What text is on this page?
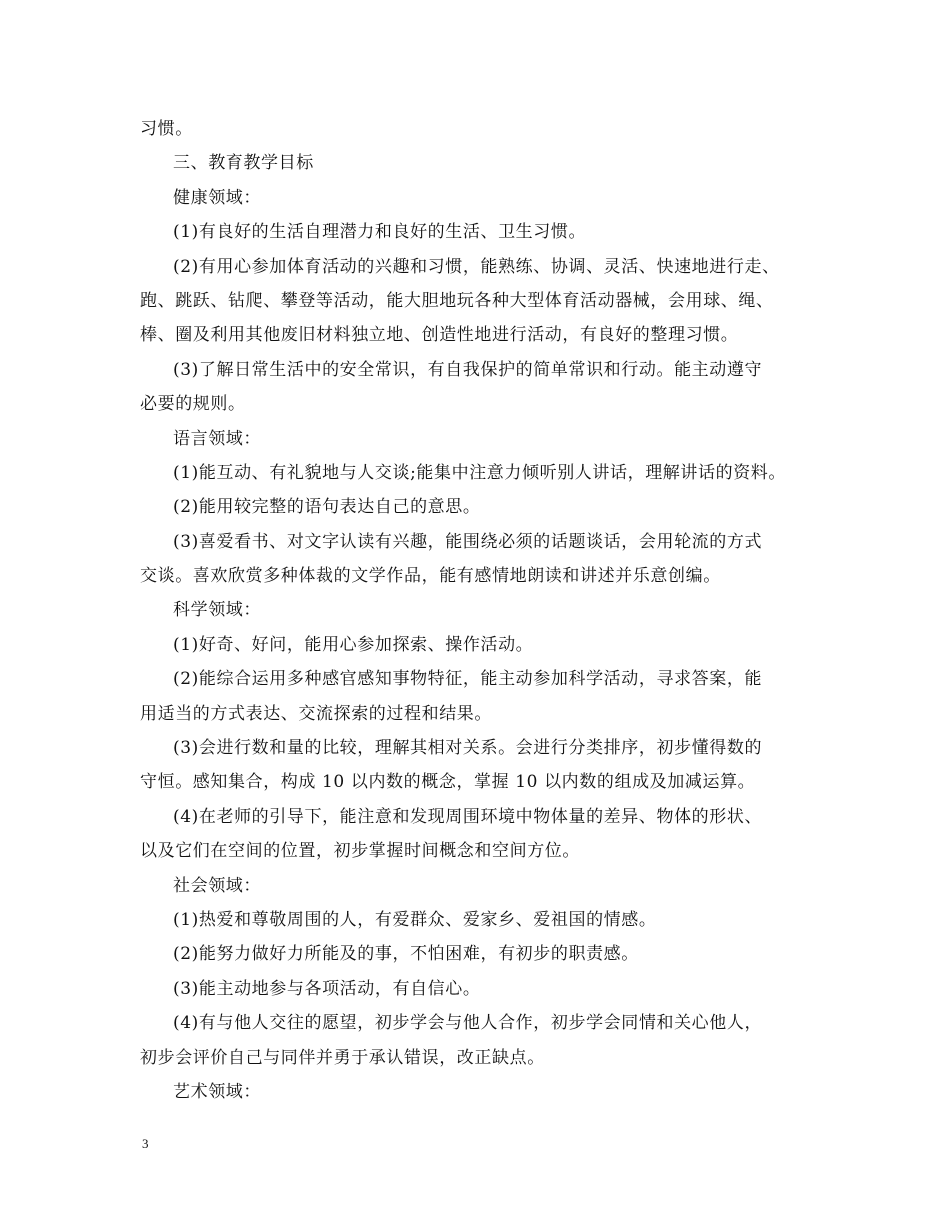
习惯。
三、教育教学目标
健康领域：
(1)有良好的生活自理潜力和良好的生活、卫生习惯。
(2)有用心参加体育活动的兴趣和习惯，能熟练、协调、灵活、快速地进行走、
跑、跳跃、钻爬、攀登等活动，能大胆地玩各种大型体育活动器械，会用球、绳、
棒、圈及利用其他废旧材料独立地、创造性地进行活动，有良好的整理习惯。
(3)了解日常生活中的安全常识，有自我保护的简单常识和行动。能主动遵守
必要的规则。
语言领域：
(1)能互动、有礼貌地与人交谈;能集中注意力倾听别人讲话，理解讲话的资料。
(2)能用较完整的语句表达自己的意思。
(3)喜爱看书、对文字认读有兴趣，能围绕必须的话题谈话，会用轮流的方式
交谈。喜欢欣赏多种体裁的文学作品，能有感情地朗读和讲述并乐意创编。
科学领域：
(1)好奇、好问，能用心参加探索、操作活动。
(2)能综合运用多种感官感知事物特征，能主动参加科学活动，寻求答案，能
用适当的方式表达、交流探索的过程和结果。
(3)会进行数和量的比较，理解其相对关系。会进行分类排序，初步懂得数的
守恒。感知集合，构成 10 以内数的概念，掌握 10 以内数的组成及加减运算。
(4)在老师的引导下，能注意和发现周围环境中物体量的差异、物体的形状、
以及它们在空间的位置，初步掌握时间概念和空间方位。
社会领域：
(1)热爱和尊敬周围的人，有爱群众、爱家乡、爱祖国的情感。
(2)能努力做好力所能及的事，不怕困难，有初步的职责感。
(3)能主动地参与各项活动，有自信心。
(4)有与他人交往的愿望，初步学会与他人合作，初步学会同情和关心他人，
初步会评价自己与同伴并勇于承认错误，改正缺点。
艺术领域：
3
